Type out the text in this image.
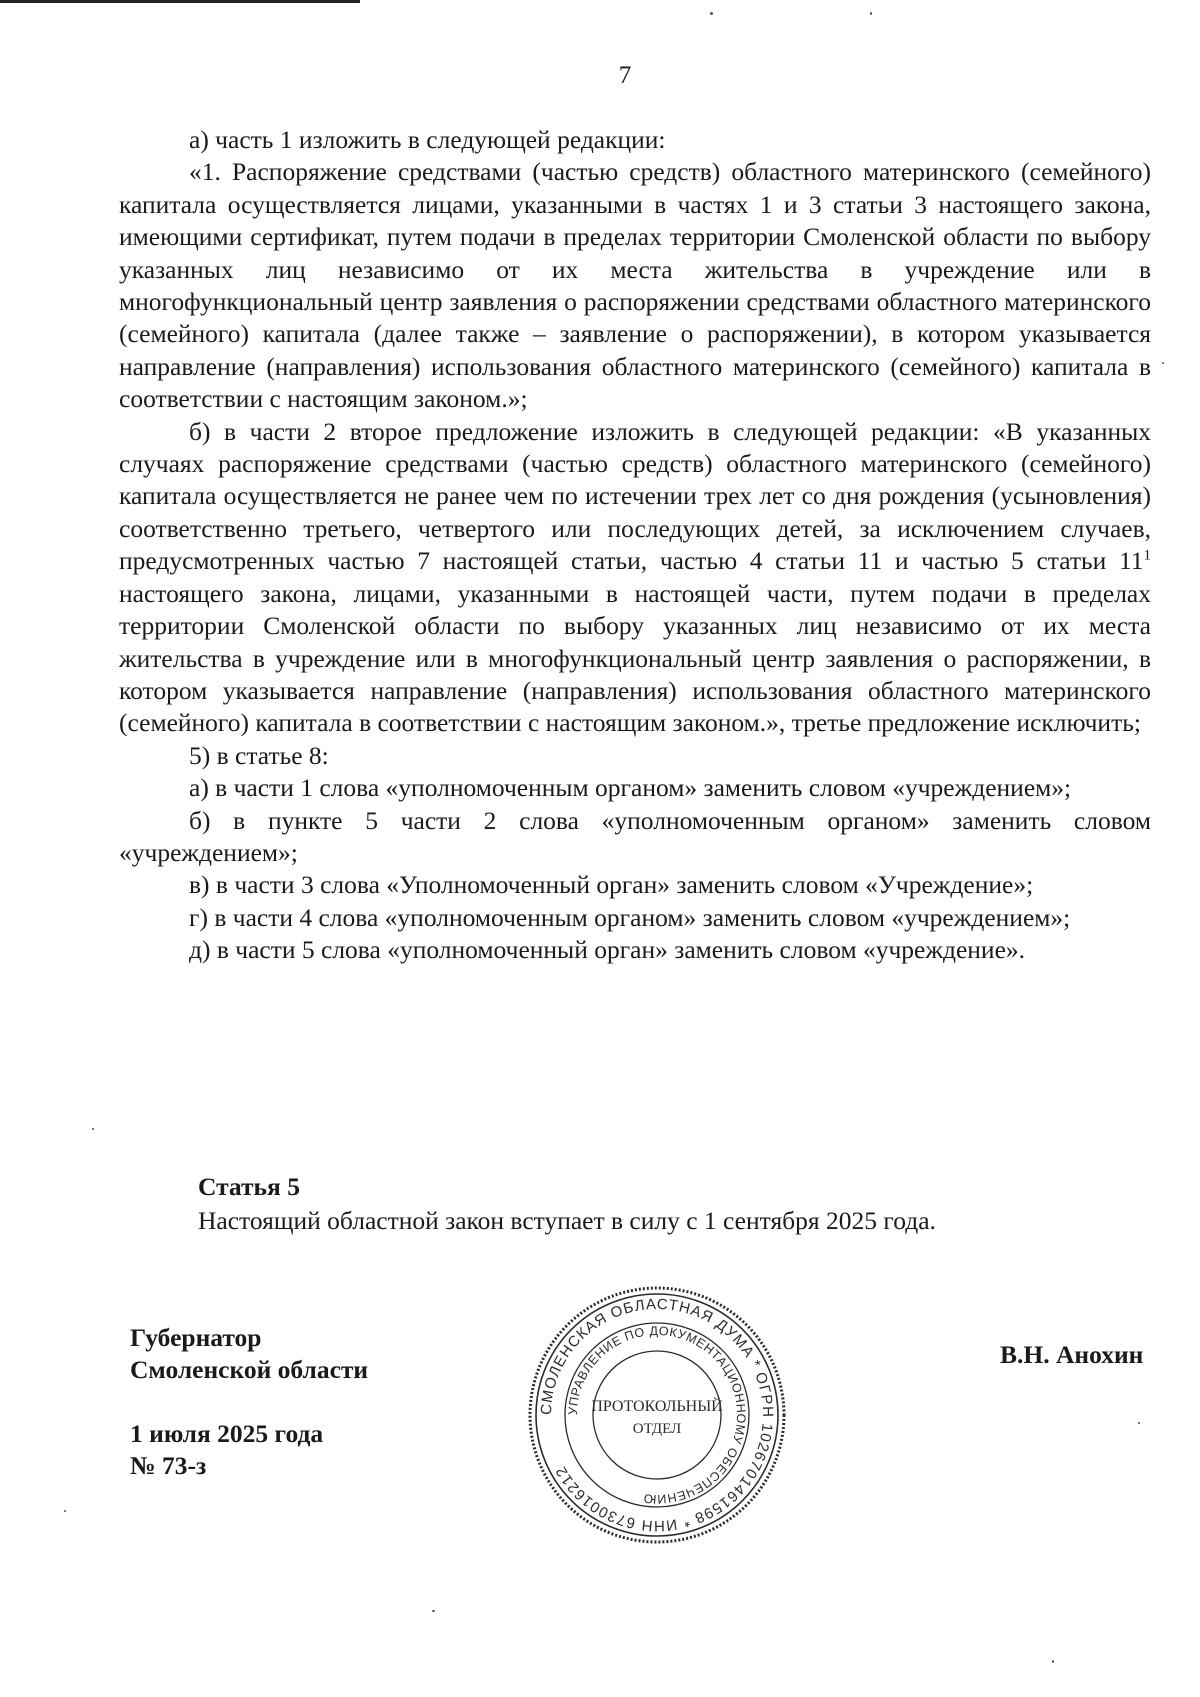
7

а) часть 1 изложить в следующей редакции:

«1. Распоряжение средствами (частью средств) областного материнского (семейного) капитала осуществляется лицами, указанными в частях 1 и 3 статьи 3 настоящего закона, имеющими сертификат, путем подачи в пределах территории Смоленской области по выбору указанных лиц независимо от их места жительства в учреждение или в многофункциональный центр заявления о распоряжении средствами областного материнского (семейного) капитала (далее также – заявление о распоряжении), в котором указывается направление (направления) использования областного материнского (семейного) капитала в соответствии с настоящим законом.»;

б) в части 2 второе предложение изложить в следующей редакции: «В указанных случаях распоряжение средствами (частью средств) областного материнского (семейного) капитала осуществляется не ранее чем по истечении трех лет со дня рождения (усыновления) соответственно третьего, четвертого или последующих детей, за исключением случаев, предусмотренных частью 7 настоящей статьи, частью 4 статьи 11 и частью 5 статьи $11^1$ настоящего закона, лицами, указанными в настоящей части, путем подачи в пределах территории Смоленской области по выбору указанных лиц независимо от их места жительства в учреждение или в многофункциональный центр заявления о распоряжении, в котором указывается направление (направления) использования областного материнского (семейного) капитала в соответствии с настоящим законом.», третье предложение исключить;

5) в статье 8:

а) в части 1 слова «уполномоченным органом» заменить словом «учреждением»;

б) в пункте 5 части 2 слова «уполномоченным органом» заменить словом «учреждением»;

в) в части 3 слова «Уполномоченный орган» заменить словом «Учреждение»;

г) в части 4 слова «уполномоченным органом» заменить словом «учреждением»;

д) в части 5 слова «уполномоченный орган» заменить словом «учреждение».

Статья 5
Настоящий областной закон вступает в силу с 1 сентября 2025 года.
Губернатор
Смоленской области
1 июля 2025 года
№ 73-з
В.Н. Анохин
СМОЛЕНСКАЯ ОБЛАСТНАЯ ДУМА * ОГРН 1026701461598 * ИНН 6730016212
УПРАВЛЕНИЕ ПО ДОКУМЕНТАЦИОННОМУ ОБЕСПЕЧЕНИЮ
ПРОТОКОЛЬНЫЙ
ОТДЕЛ
